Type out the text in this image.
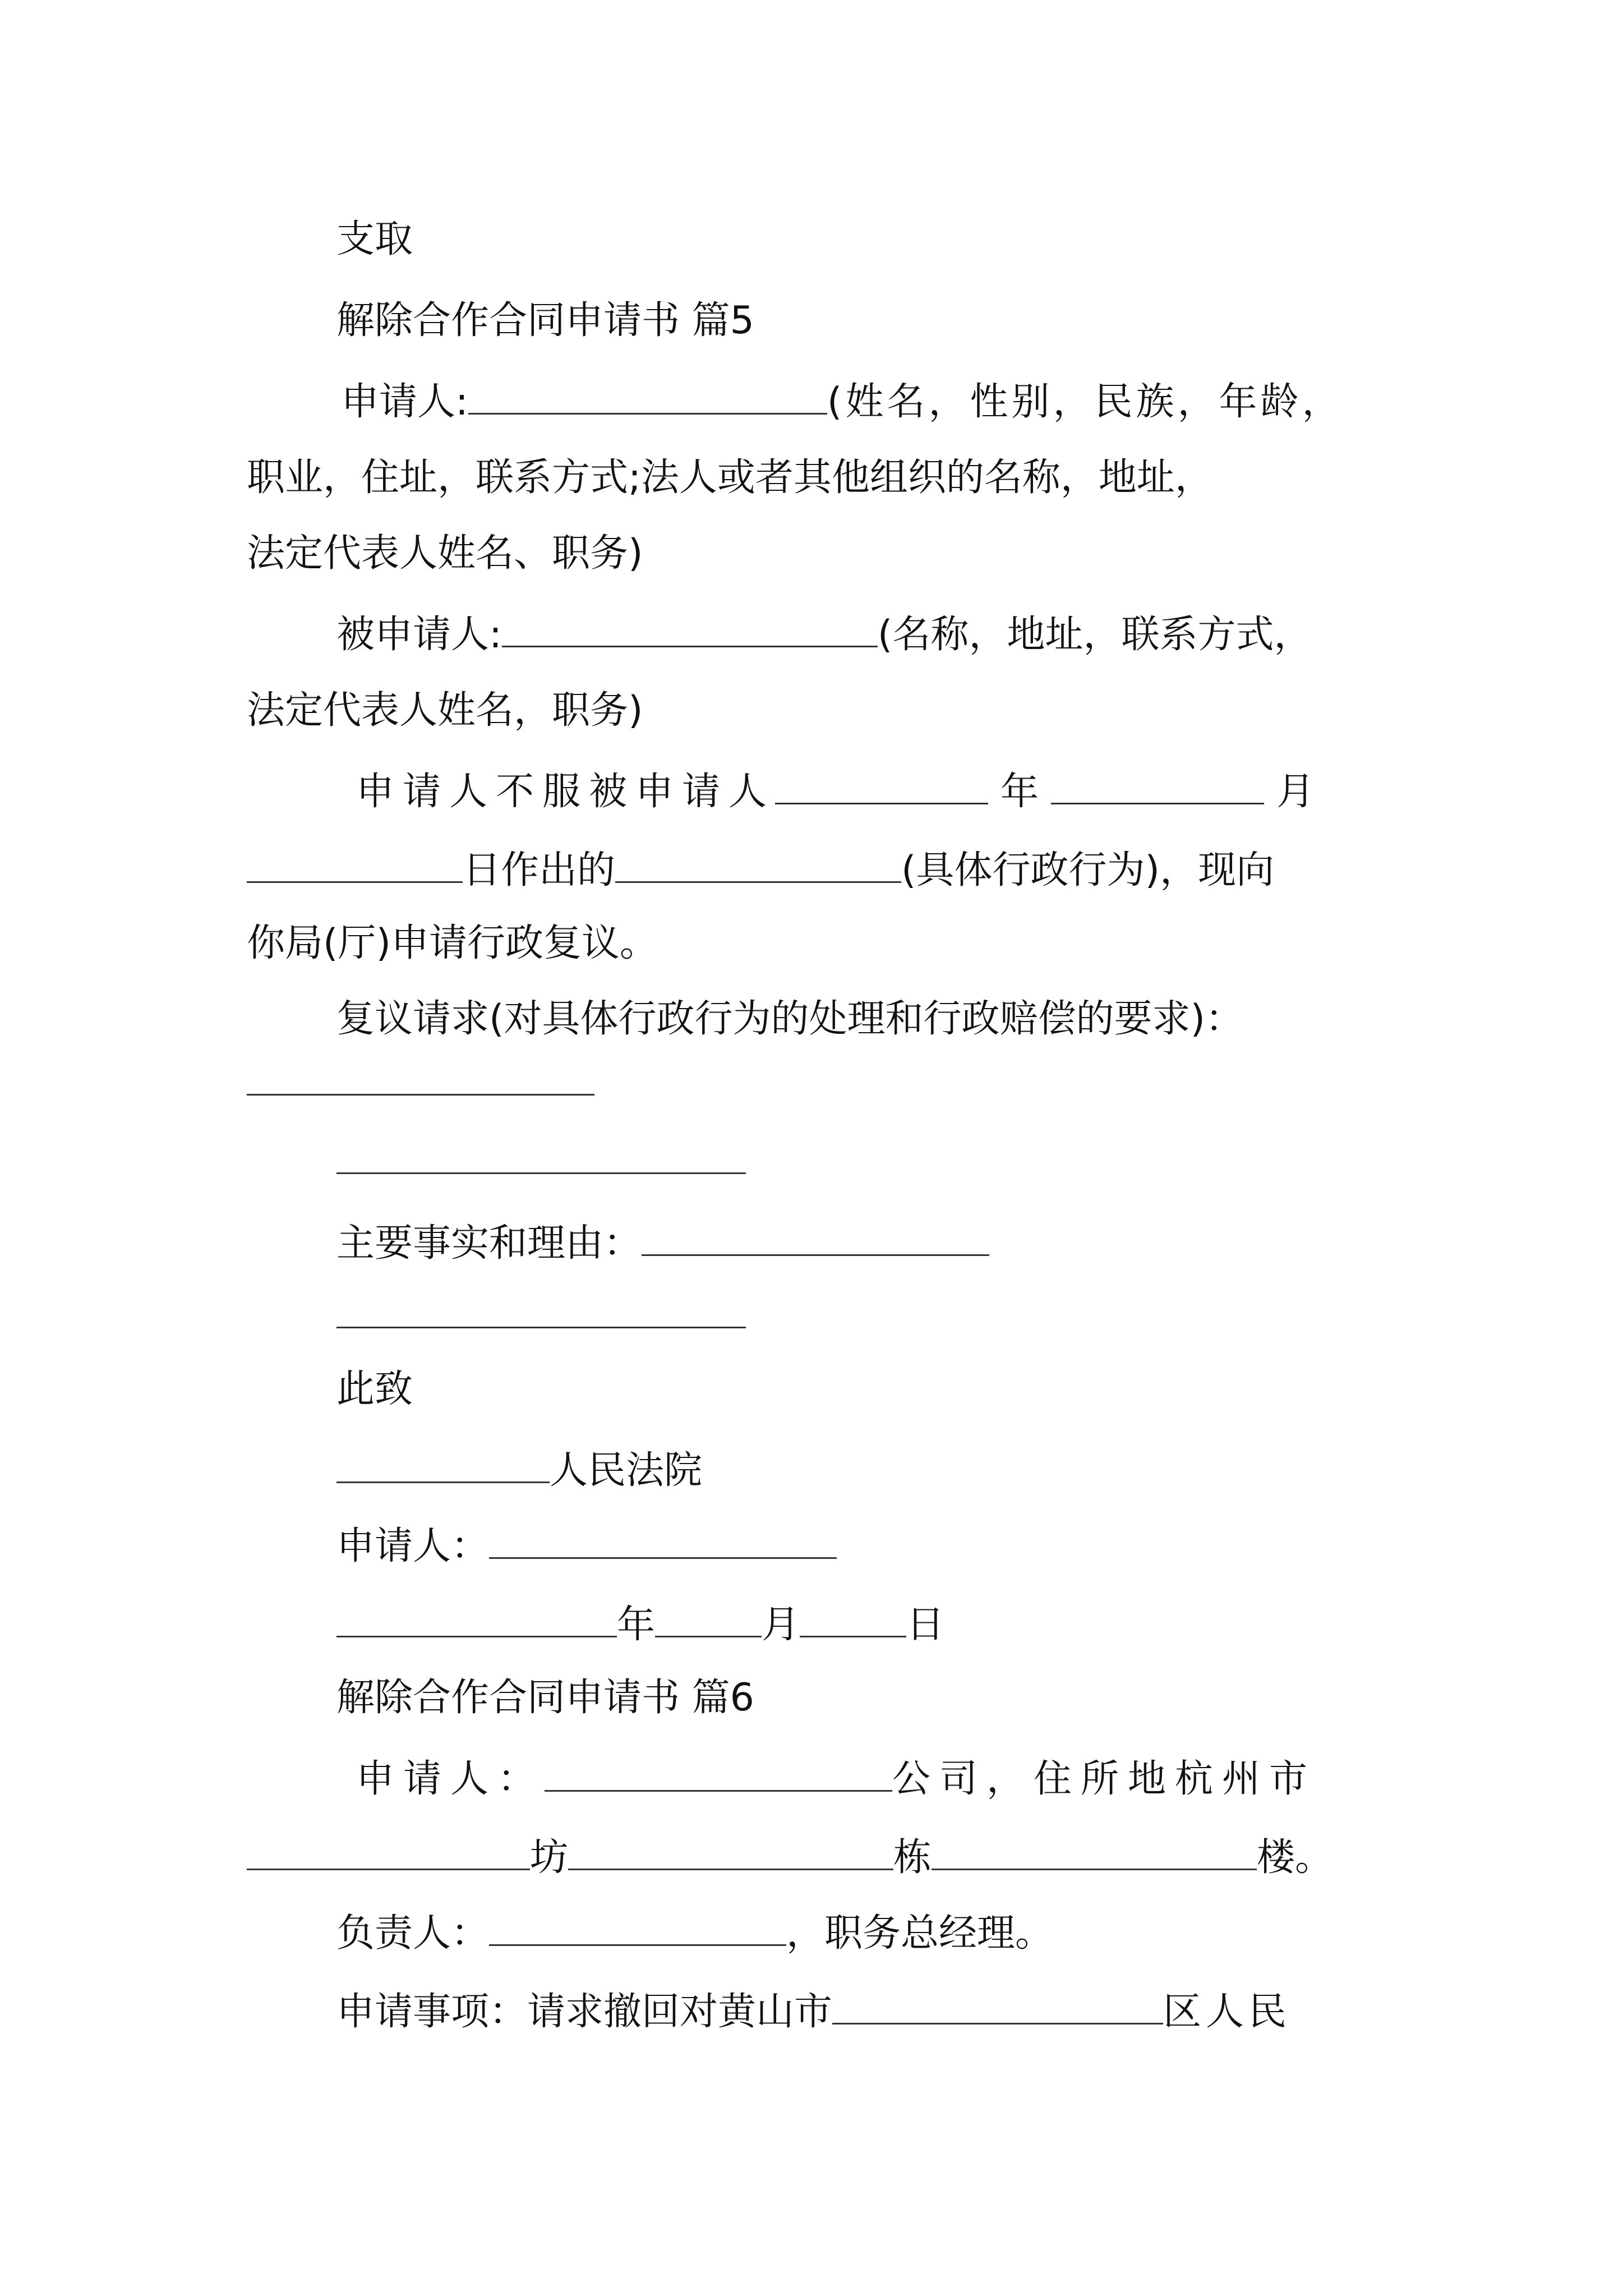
支取
解除合作合同申请书 篇5
申请人:	(姓名，性别，民族，年龄，
职业，住址，联系方式;法人或者其他组织的名称，地址，
法定代表人姓名、职务)
被申请人:	(名称，地址，联系方式，
法定代表人姓名，职务)
申请人不服被申请人	年	月
日作出的	(具体行政行为)，现向
你局(厅)申请行政复议。
复议请求(对具体行政行为的处理和行政赔偿的要求)：
主要事实和理由：
此致
人民法院
申请人：
年	月	日
解除合作合同申请书 篇6
申请人：	公司，住所地杭州市
坊	栋	楼。
负责人：	，职务总经理。
申请事项：请求撤回对黄山市	区人民
